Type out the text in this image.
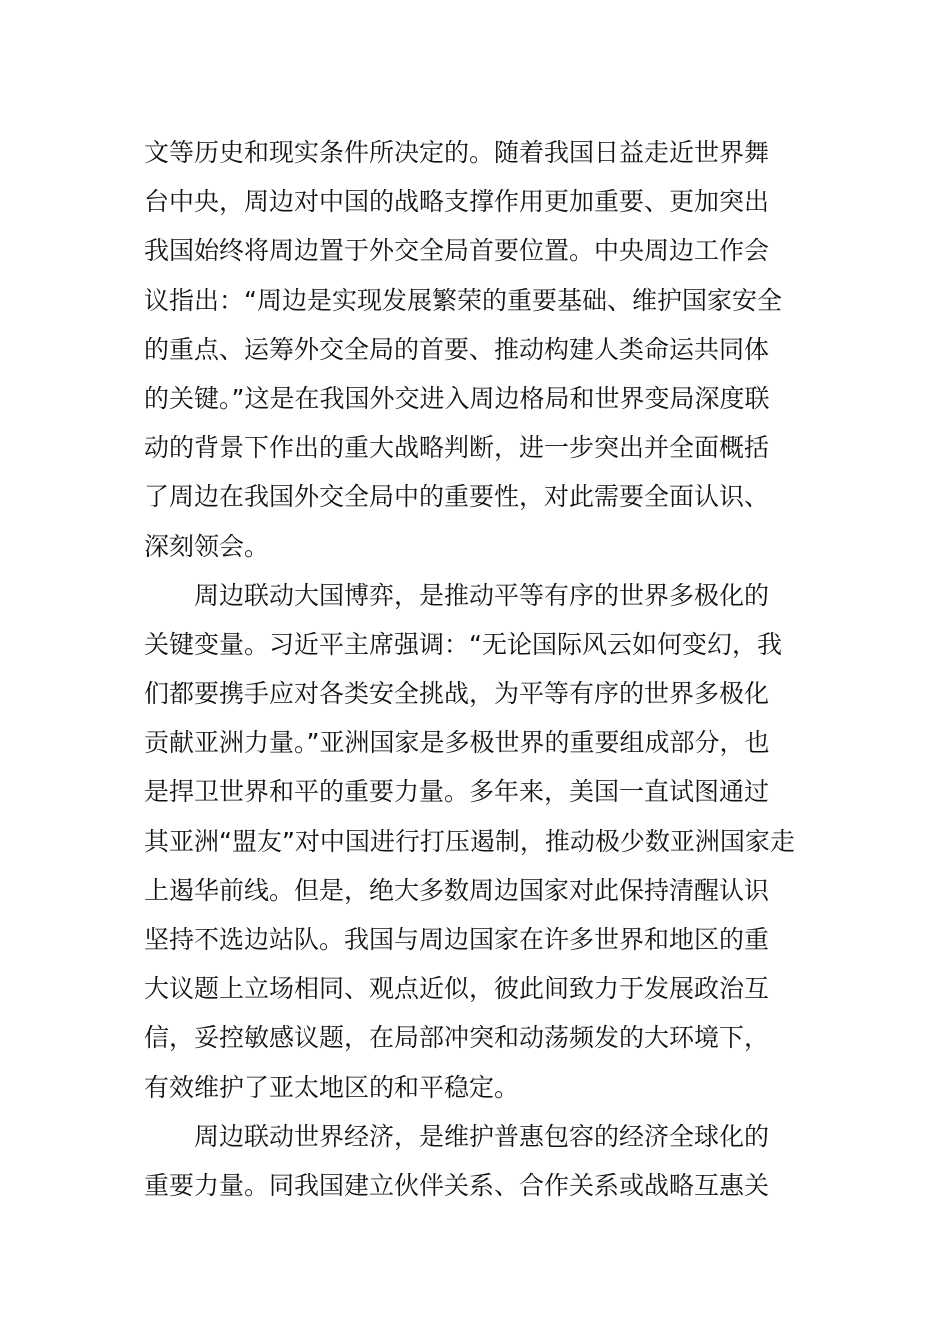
文等历史和现实条件所决定的。随着我国日益走近世界舞
台中央，周边对中国的战略支撑作用更加重要、更加突出
我国始终将周边置于外交全局首要位置。中央周边工作会
议指出：“周边是实现发展繁荣的重要基础、维护国家安全
的重点、运筹外交全局的首要、推动构建人类命运共同体
的关键。”这是在我国外交进入周边格局和世界变局深度联
动的背景下作出的重大战略判断，进一步突出并全面概括
了周边在我国外交全局中的重要性，对此需要全面认识、
深刻领会。
周边联动大国博弈，是推动平等有序的世界多极化的
关键变量。习近平主席强调：“无论国际风云如何变幻，我
们都要携手应对各类安全挑战，为平等有序的世界多极化
贡献亚洲力量。”亚洲国家是多极世界的重要组成部分，也
是捍卫世界和平的重要力量。多年来，美国一直试图通过
其亚洲“盟友”对中国进行打压遏制，推动极少数亚洲国家走
上遏华前线。但是，绝大多数周边国家对此保持清醒认识
坚持不选边站队。我国与周边国家在许多世界和地区的重
大议题上立场相同、观点近似，彼此间致力于发展政治互
信，妥控敏感议题，在局部冲突和动荡频发的大环境下，
有效维护了亚太地区的和平稳定。
周边联动世界经济，是维护普惠包容的经济全球化的
重要力量。同我国建立伙伴关系、合作关系或战略互惠关
